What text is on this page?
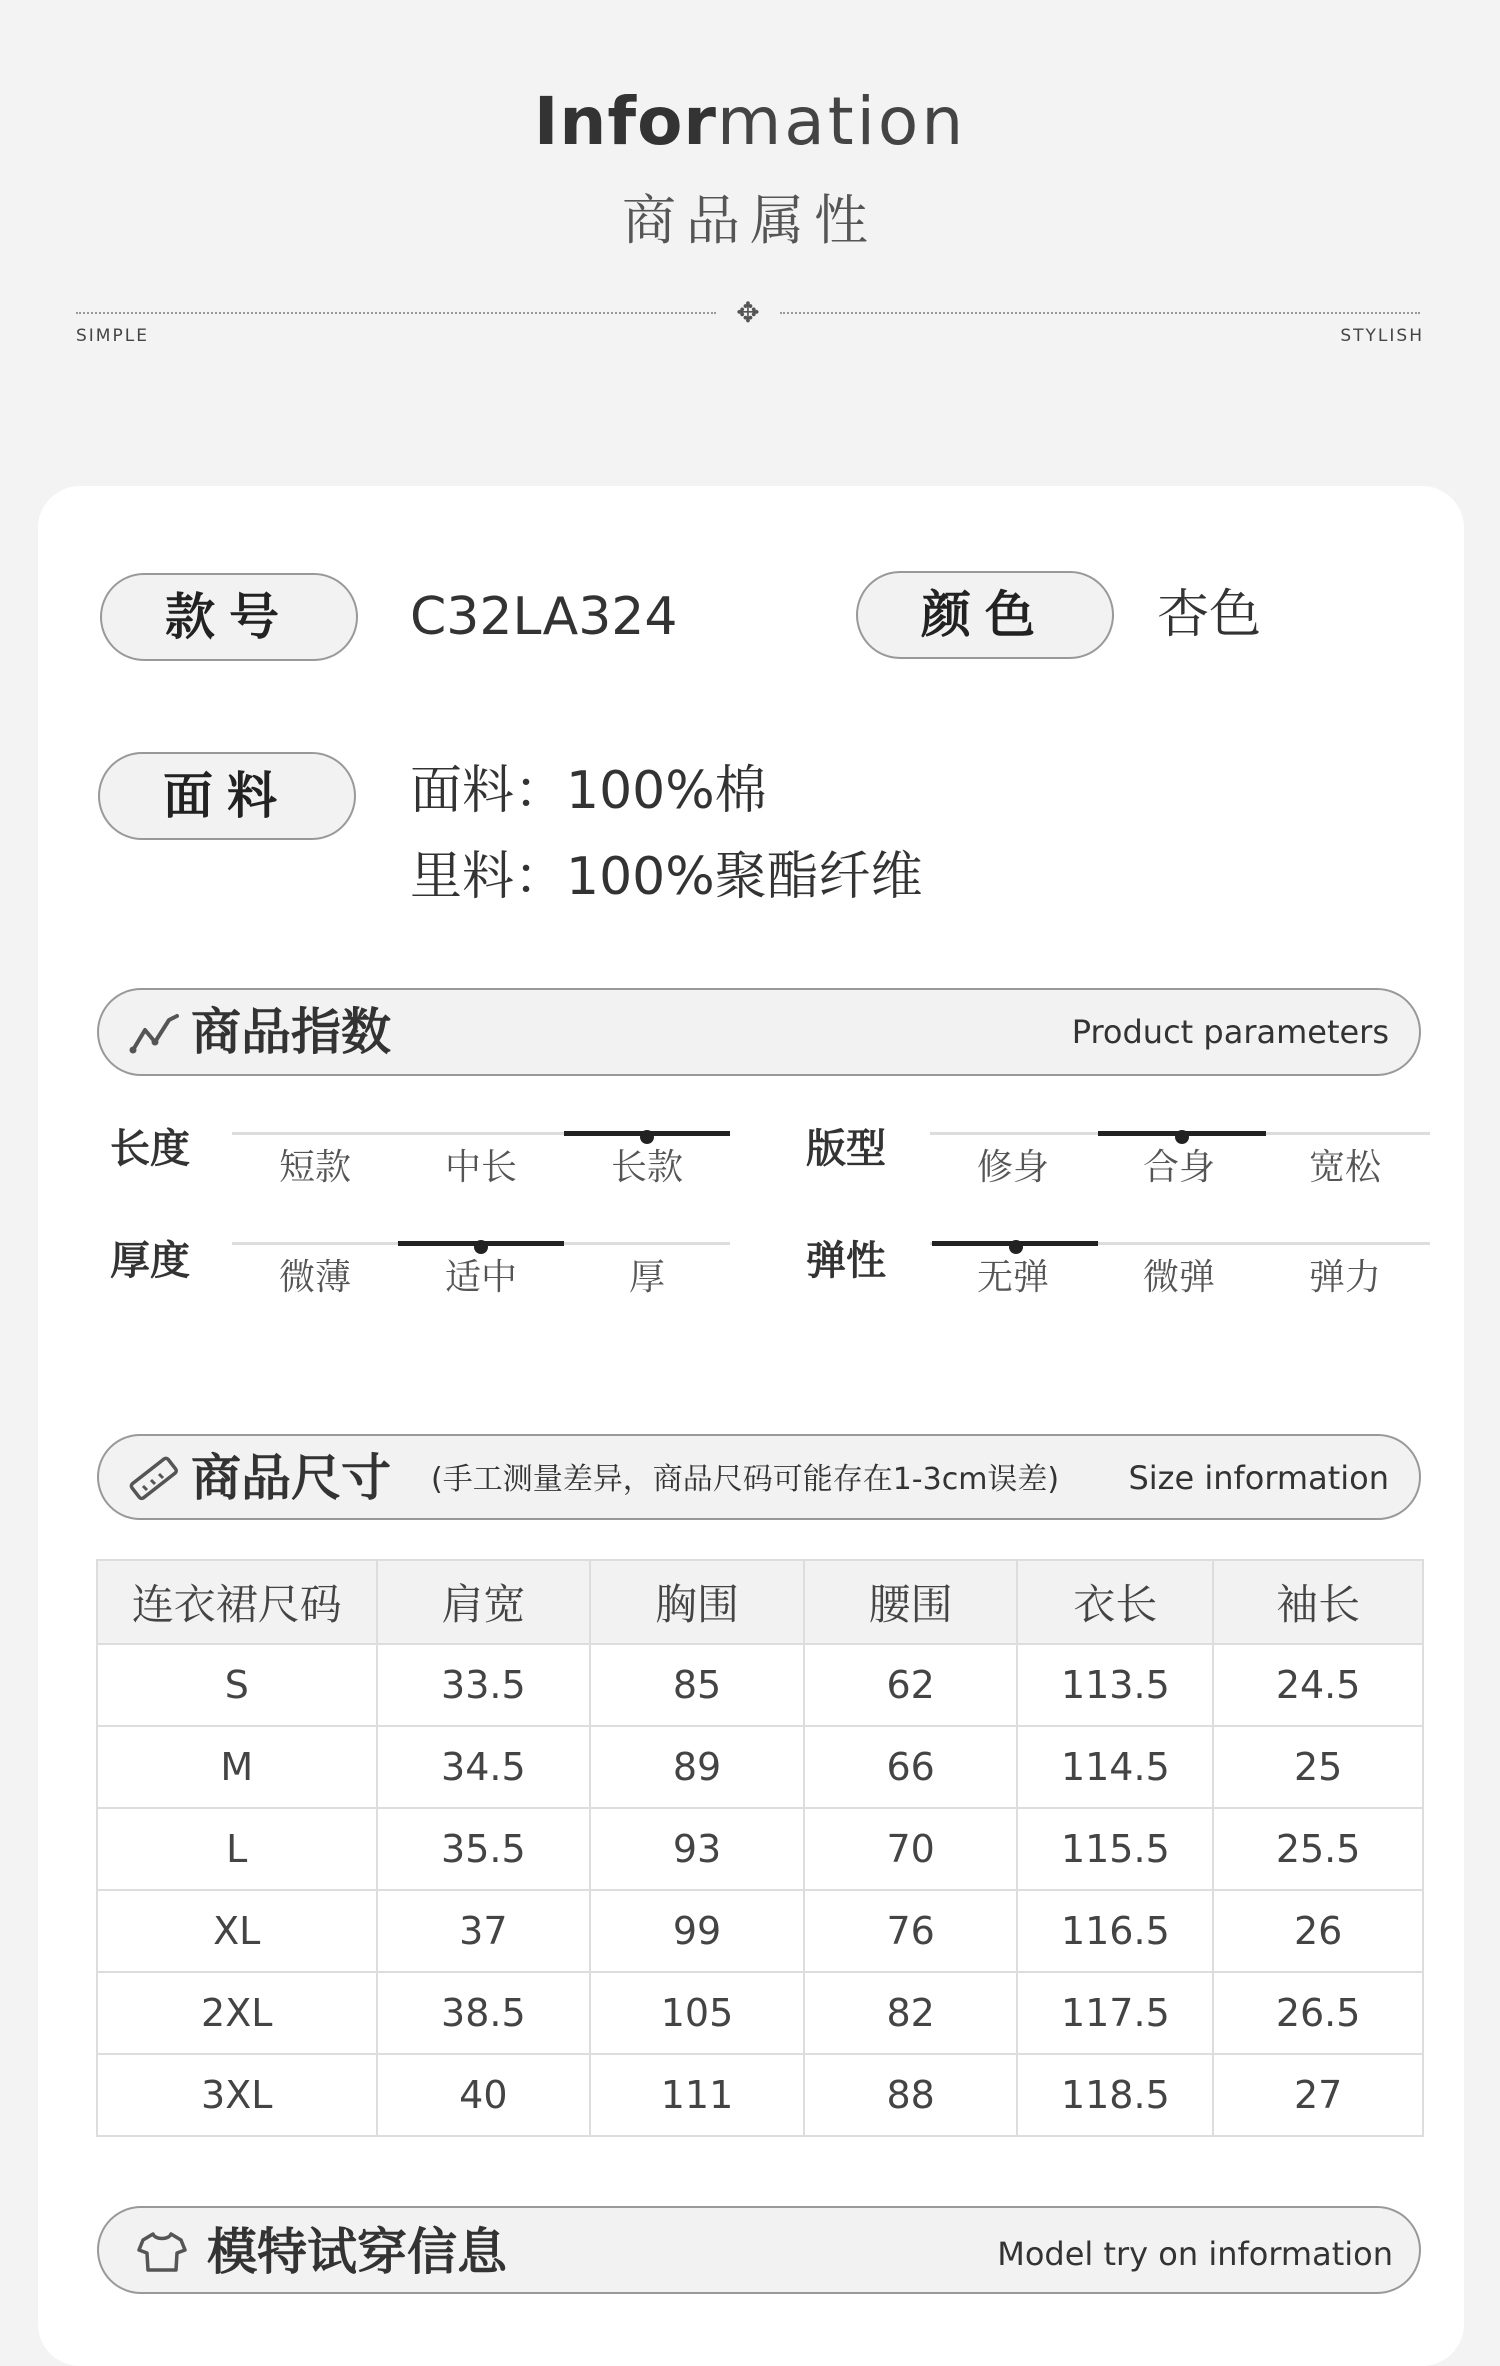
Information
商品属性
✥
SIMPLE	STYLISH
款号	C32LA324	颜色	杏色
面料	面料：100%棉
里料：100%聚酯纤维
商品指数	Product parameters
长度	短款	中长	长款	版型	修身	合身	宽松
厚度	微薄	适中	厚	弹性	无弹	微弹	弹力
商品尺寸 (手工测量差异，商品尺码可能存在1-3cm误差) Size information
连衣裙尺码	肩宽	胸围	腰围	衣长	袖长
S	33.5	85	62	113.5	24.5
M	34.5	89	66	114.5	25
L	35.5	93	70	115.5	25.5
XL	37	99	76	116.5	26
2XL	38.5	105	82	117.5	26.5
3XL	40	111	88	118.5	27
模特试穿信息	Model try on information
